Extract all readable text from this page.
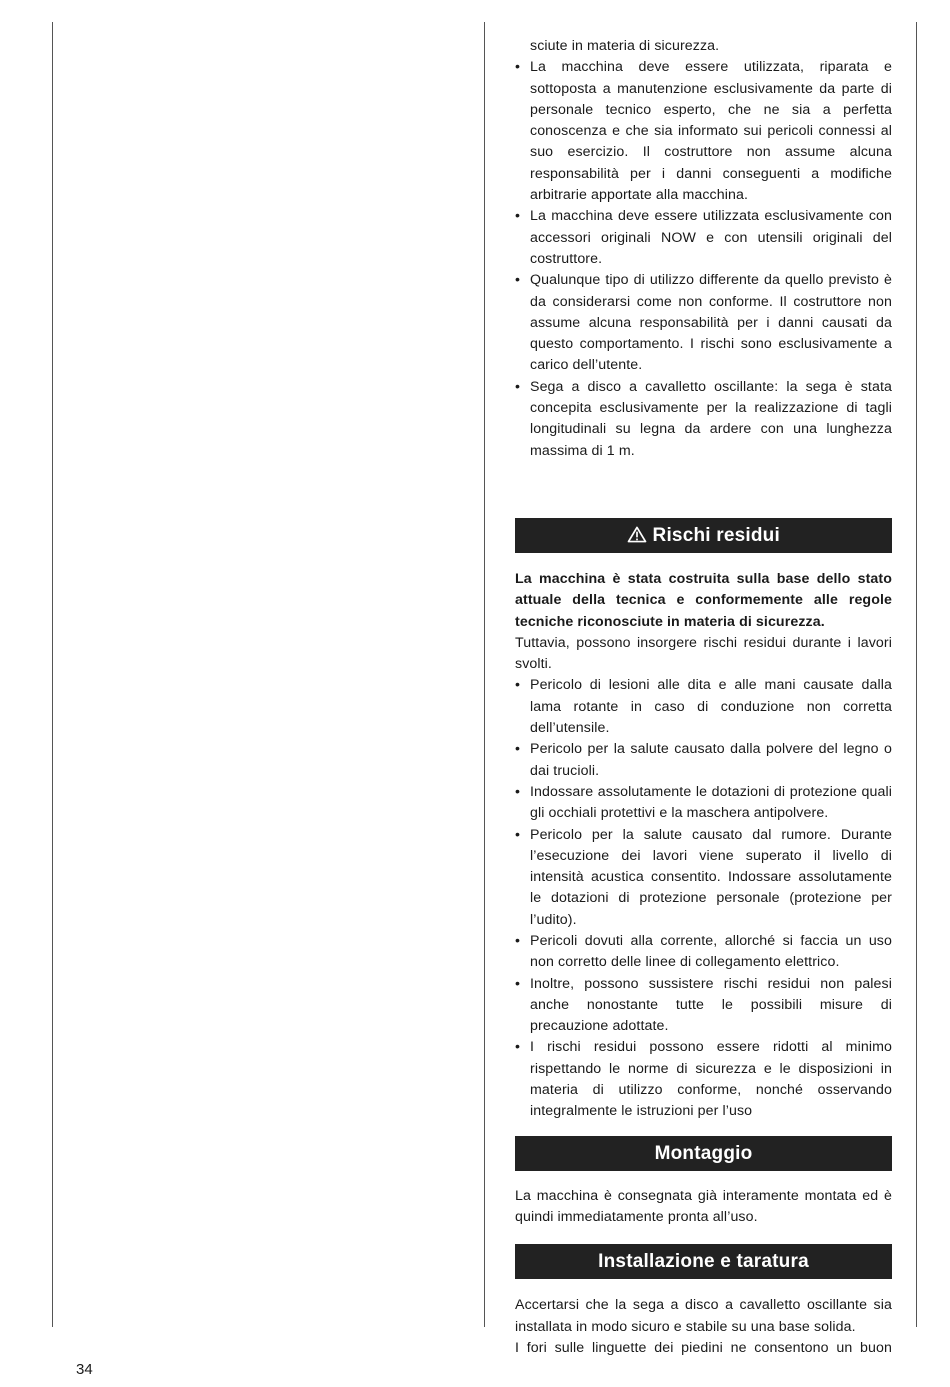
sciute in materia di sicurezza.

• La macchina deve essere utilizzata, riparata e sottoposta a manutenzione esclusivamente da parte di personale tecnico esperto, che ne sia a perfetta conoscenza e che sia informato sui pericoli connessi al suo esercizio. Il costruttore non assume alcuna responsabilità per i danni conseguenti a modifiche arbitrarie apportate alla macchina.
• La macchina deve essere utilizzata esclusivamente con accessori originali NOW e con utensili originali del costruttore.
• Qualunque tipo di utilizzo differente da quello previsto è da considerarsi come non conforme. Il costruttore non assume alcuna responsabilità per i danni causati da questo comportamento. I rischi sono esclusivamente a carico dell’utente.
• Sega a disco a cavalletto oscillante: la sega è stata concepita esclusivamente per la realizzazione di tagli longitudinali su legna da ardere con una lunghezza massima di 1 m.
Rischi residui

La macchina è stata costruita sulla base dello stato attuale della tecnica e conformemente alle regole tecniche riconosciute in materia di sicurezza.

Tuttavia, possono insorgere rischi residui durante i lavori svolti.

• Pericolo di lesioni alle dita e alle mani causate dalla lama rotante in caso di conduzione non corretta dell’utensile.
• Pericolo per la salute causato dalla polvere del legno o dai trucioli.
• Indossare assolutamente le dotazioni di protezione quali gli occhiali protettivi e la maschera antipolvere.
• Pericolo per la salute causato dal rumore. Durante l’esecuzione dei lavori viene superato il livello di intensità acustica consentito. Indossare assolutamente le dotazioni di protezione personale (protezione per l’udito).
• Pericoli dovuti alla corrente, allorché si faccia un uso non corretto delle linee di collegamento elettrico.
• Inoltre, possono sussistere rischi residui non palesi anche nonostante tutte le possibili misure di precauzione adottate.
• I rischi residui possono essere ridotti al minimo rispettando le norme di sicurezza e le disposizioni in materia di utilizzo conforme, nonché osservando integralmente le istruzioni per l’uso
Montaggio

La macchina è consegnata già interamente montata ed è quindi immediatamente pronta all’uso.

Installazione e taratura

Accertarsi che la sega a disco a cavalletto oscillante sia installata in modo sicuro e stabile su una base solida.

I fori sulle linguette dei piedini ne consentono un buon

34
